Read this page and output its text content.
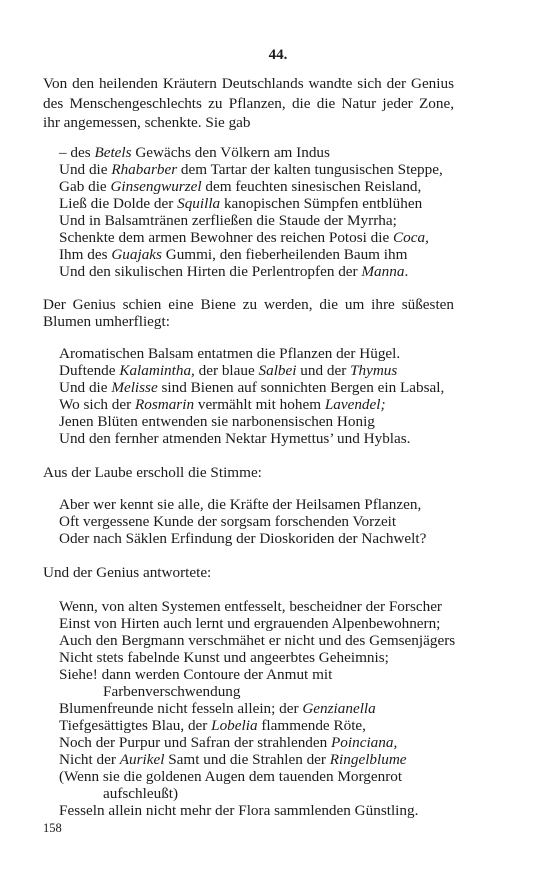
44.
Von den heilenden Kräutern Deutschlands wandte sich der Genius
des Menschengeschlechts zu Pflanzen, die die Natur jeder Zone,
ihr angemessen, schenkte. Sie gab
– des Betels Gewächs den Völkern am Indus
Und die Rhabarber dem Tartar der kalten tungusischen Steppe,
Gab die Ginsengwurzel dem feuchten sinesischen Reisland,
Ließ die Dolde der Squilla kanopischen Sümpfen entblühen
Und in Balsamtränen zerfließen die Staude der Myrrha;
Schenkte dem armen Bewohner des reichen Potosi die Coca,
Ihm des Guajaks Gummi, den fieberheilenden Baum ihm
Und den sikulischen Hirten die Perlentropfen der Manna.
Der Genius schien eine Biene zu werden, die um ihre süßesten
Blumen umherfliegt:
Aromatischen Balsam entatmen die Pflanzen der Hügel.
Duftende Kalamintha, der blaue Salbei und der Thymus
Und die Melisse sind Bienen auf sonnichten Bergen ein Labsal,
Wo sich der Rosmarin vermählt mit hohem Lavendel;
Jenen Blüten entwenden sie narbonensischen Honig
Und den fernher atmenden Nektar Hymettus’ und Hyblas.
Aus der Laube erscholl die Stimme:
Aber wer kennt sie alle, die Kräfte der Heilsamen Pflanzen,
Oft vergessene Kunde der sorgsam forschenden Vorzeit
Oder nach Säklen Erfindung der Dioskoriden der Nachwelt?
Und der Genius antwortete:
Wenn, von alten Systemen entfesselt, bescheidner der Forscher
Einst von Hirten auch lernt und ergrauenden Alpenbewohnern;
Auch den Bergmann verschmähet er nicht und des Gemsenjägers
Nicht stets fabelnde Kunst und angeerbtes Geheimnis;
Siehe! dann werden Contoure der Anmut mit
Farbenverschwendung
Blumenfreunde nicht fesseln allein; der Genzianella
Tiefgesättigtes Blau, der Lobelia flammende Röte,
Noch der Purpur und Safran der strahlenden Poinciana,
Nicht der Aurikel Samt und die Strahlen der Ringelblume
(Wenn sie die goldenen Augen dem tauenden Morgenrot
aufschleußt)
Fesseln allein nicht mehr der Flora sammlenden Günstling.
158
